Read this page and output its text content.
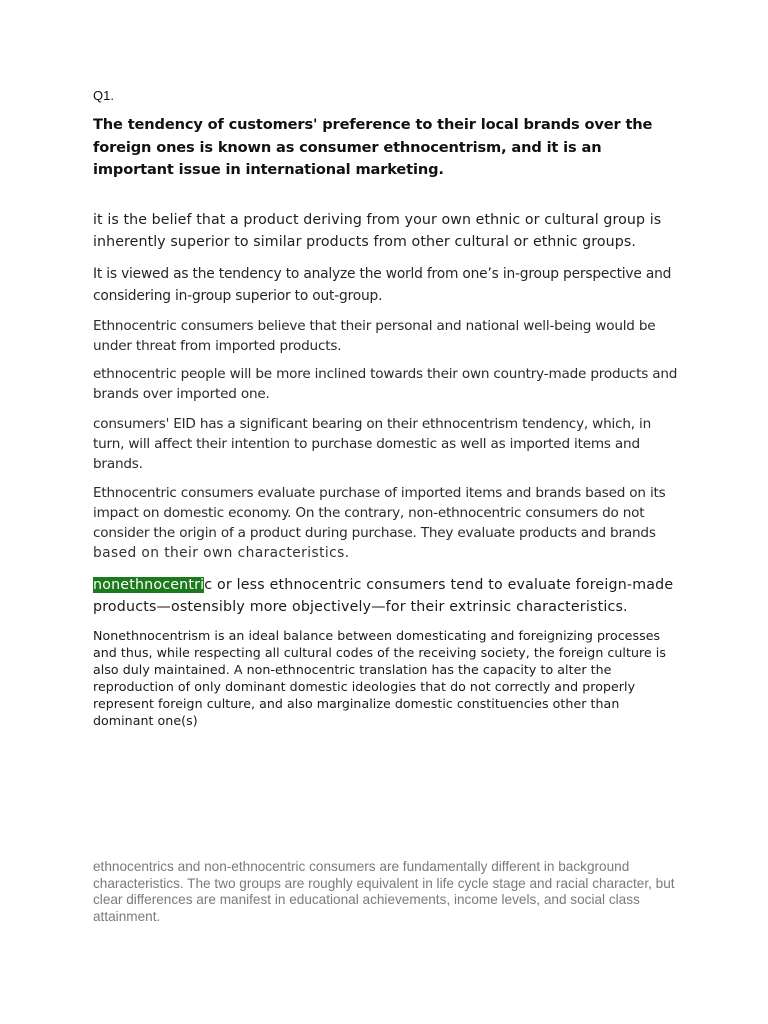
Q1.

The tendency of customers' preference to their local brands over the foreign ones is known as consumer ethnocentrism, and it is an important issue in international marketing.

it is the belief that a product deriving from your own ethnic or cultural group is inherently superior to similar products from other cultural or ethnic groups.

It is viewed as the tendency to analyze the world from one’s in-group perspective and considering in-group superior to out-group.

Ethnocentric consumers believe that their personal and national well-being would be under threat from imported products.

ethnocentric people will be more inclined towards their own country-made products and brands over imported one.

consumers' EID has a significant bearing on their ethnocentrism tendency, which, in turn, will affect their intention to purchase domestic as well as imported items and brands.

Ethnocentric consumers evaluate purchase of imported items and brands based on its impact on domestic economy. On the contrary, non-ethnocentric consumers do not consider the origin of a product during purchase. They evaluate products and brands based on their own characteristics.

nonethnocentric or less ethnocentric consumers tend to evaluate foreign-made products—ostensibly more objectively—for their extrinsic characteristics.

Nonethnocentrism is an ideal balance between domesticating and foreignizing processes and thus, while respecting all cultural codes of the receiving society, the foreign culture is also duly maintained. A non-ethnocentric translation has the capacity to alter the reproduction of only dominant domestic ideologies that do not correctly and properly represent foreign culture, and also marginalize domestic constituencies other than dominant one(s)

ethnocentrics and non-ethnocentric consumers are fundamentally different in background characteristics. The two groups are roughly equivalent in life cycle stage and racial character, but clear differences are manifest in educational achievements, income levels, and social class attainment.
